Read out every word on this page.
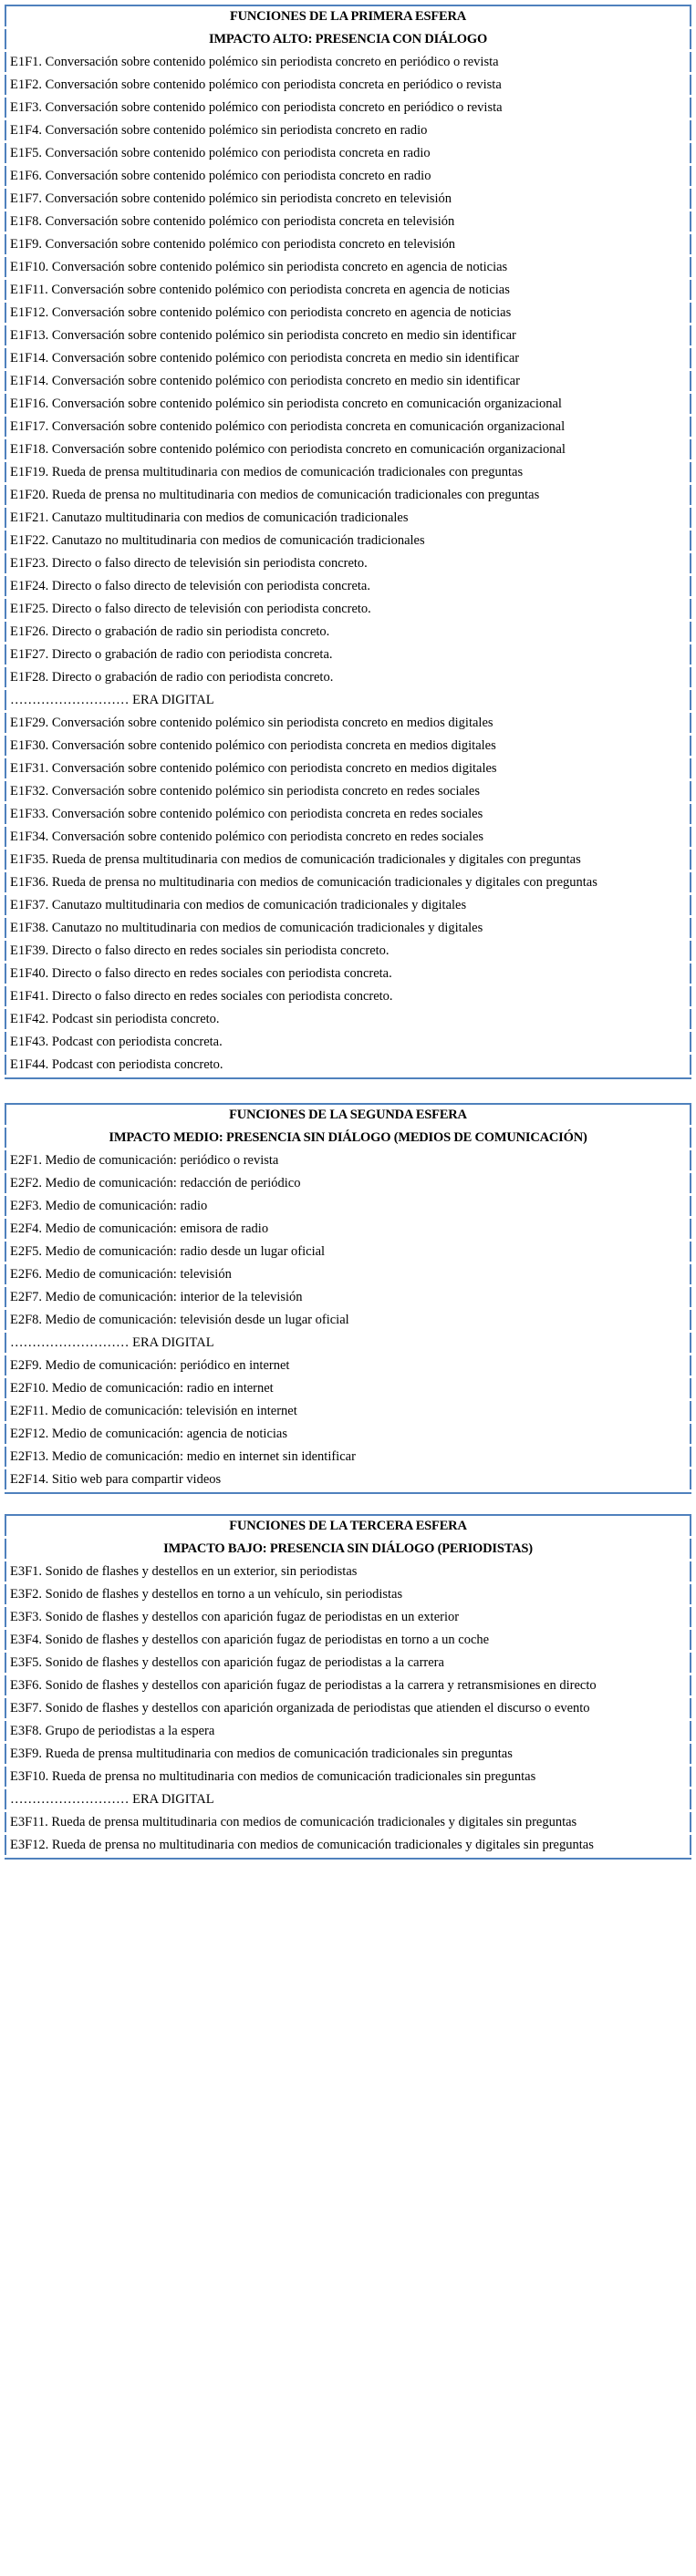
FUNCIONES DE LA PRIMERA ESFERA
IMPACTO ALTO: PRESENCIA CON DIÁLOGO
E1F1. Conversación sobre contenido polémico sin periodista concreto en periódico o revista
E1F2. Conversación sobre contenido polémico con periodista concreta en periódico o revista
E1F3. Conversación sobre contenido polémico con periodista concreto en periódico o revista
E1F4. Conversación sobre contenido polémico sin periodista concreto en radio
E1F5. Conversación sobre contenido polémico con periodista concreta en radio
E1F6. Conversación sobre contenido polémico con periodista concreto en radio
E1F7. Conversación sobre contenido polémico sin periodista concreto en televisión
E1F8. Conversación sobre contenido polémico con periodista concreta en televisión
E1F9. Conversación sobre contenido polémico con periodista concreto en televisión
E1F10. Conversación sobre contenido polémico sin periodista concreto en agencia de noticias
E1F11. Conversación sobre contenido polémico con periodista concreta en agencia de noticias
E1F12. Conversación sobre contenido polémico con periodista concreto en agencia de noticias
E1F13. Conversación sobre contenido polémico sin periodista concreto en medio sin identificar
E1F14. Conversación sobre contenido polémico con periodista concreta en medio sin identificar
E1F14. Conversación sobre contenido polémico con periodista concreto en medio sin identificar
E1F16. Conversación sobre contenido polémico sin periodista concreto en comunicación organizacional
E1F17. Conversación sobre contenido polémico con periodista concreta en comunicación organizacional
E1F18. Conversación sobre contenido polémico con periodista concreto en comunicación organizacional
E1F19. Rueda de prensa multitudinaria con medios de comunicación tradicionales con preguntas
E1F20. Rueda de prensa no multitudinaria con medios de comunicación tradicionales con preguntas
E1F21. Canutazo multitudinaria con medios de comunicación tradicionales
E1F22. Canutazo no multitudinaria con medios de comunicación tradicionales
E1F23. Directo o falso directo de televisión sin periodista concreto.
E1F24. Directo o falso directo de televisión con periodista concreta.
E1F25. Directo o falso directo de televisión con periodista concreto.
E1F26. Directo o grabación de radio sin periodista concreto.
E1F27. Directo o grabación de radio con periodista concreta.
E1F28. Directo o grabación de radio con periodista concreto.
……………………… ERA DIGITAL
E1F29. Conversación sobre contenido polémico sin periodista concreto en medios digitales
E1F30. Conversación sobre contenido polémico con periodista concreta en medios digitales
E1F31. Conversación sobre contenido polémico con periodista concreto en medios digitales
E1F32. Conversación sobre contenido polémico sin periodista concreto en redes sociales
E1F33. Conversación sobre contenido polémico con periodista concreta en redes sociales
E1F34. Conversación sobre contenido polémico con periodista concreto en redes sociales
E1F35. Rueda de prensa multitudinaria con medios de comunicación tradicionales y digitales con preguntas
E1F36. Rueda de prensa no multitudinaria con medios de comunicación tradicionales y digitales con preguntas
E1F37. Canutazo multitudinaria con medios de comunicación tradicionales y digitales
E1F38. Canutazo no multitudinaria con medios de comunicación tradicionales y digitales
E1F39. Directo o falso directo en redes sociales sin periodista concreto.
E1F40. Directo o falso directo en redes sociales con periodista concreta.
E1F41. Directo o falso directo en redes sociales con periodista concreto.
E1F42. Podcast sin periodista concreto.
E1F43. Podcast con periodista concreta.
E1F44. Podcast con periodista concreto.
FUNCIONES DE LA SEGUNDA ESFERA
IMPACTO MEDIO: PRESENCIA SIN DIÁLOGO (MEDIOS DE COMUNICACIÓN)
E2F1. Medio de comunicación: periódico o revista
E2F2. Medio de comunicación: redacción de periódico
E2F3. Medio de comunicación: radio
E2F4. Medio de comunicación: emisora de radio
E2F5. Medio de comunicación: radio desde un lugar oficial
E2F6. Medio de comunicación: televisión
E2F7. Medio de comunicación: interior de la televisión
E2F8. Medio de comunicación: televisión desde un lugar oficial
……………………… ERA DIGITAL
E2F9. Medio de comunicación: periódico en internet
E2F10. Medio de comunicación: radio en internet
E2F11. Medio de comunicación: televisión en internet
E2F12. Medio de comunicación: agencia de noticias
E2F13. Medio de comunicación: medio en internet sin identificar
E2F14. Sitio web para compartir videos
FUNCIONES DE LA TERCERA ESFERA
IMPACTO BAJO: PRESENCIA SIN DIÁLOGO (PERIODISTAS)
E3F1. Sonido de flashes y destellos en un exterior, sin periodistas
E3F2. Sonido de flashes y destellos en torno a un vehículo, sin periodistas
E3F3. Sonido de flashes y destellos con aparición fugaz de periodistas en un exterior
E3F4. Sonido de flashes y destellos con aparición fugaz de periodistas en torno a un coche
E3F5. Sonido de flashes y destellos con aparición fugaz de periodistas a la carrera
E3F6. Sonido de flashes y destellos con aparición fugaz de periodistas a la carrera y retransmisiones en directo
E3F7. Sonido de flashes y destellos con aparición organizada de periodistas que atienden el discurso o evento
E3F8. Grupo de periodistas a la espera
E3F9. Rueda de prensa multitudinaria con medios de comunicación tradicionales sin preguntas
E3F10. Rueda de prensa no multitudinaria con medios de comunicación tradicionales sin preguntas
……………………… ERA DIGITAL
E3F11. Rueda de prensa multitudinaria con medios de comunicación tradicionales y digitales sin preguntas
E3F12. Rueda de prensa no multitudinaria con medios de comunicación tradicionales y digitales sin preguntas
